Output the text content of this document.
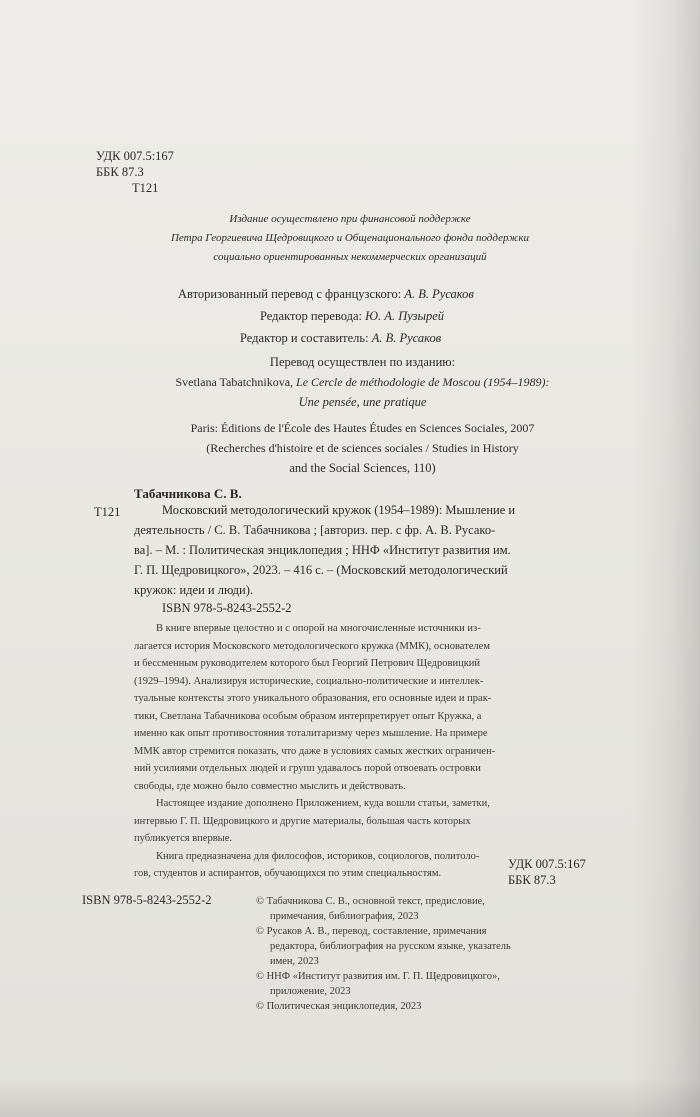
УДК 007.5:167
ББК 87.3
Т121
Издание осуществлено при финансовой поддержке
Петра Георгиевича Щедровицкого и Общенационального фонда поддержки
социально ориентированных некоммерческих организаций
Авторизованный перевод с французского: А. В. Русаков
Редактор перевода: Ю. А. Пузырей
Редактор и составитель: А. В. Русаков
Перевод осуществлен по изданию:
Svetlana Tabatchnikova, Le Cercle de méthodologie de Moscou (1954–1989):
Une pensée, une pratique
Paris: Éditions de l'École des Hautes Études en Sciences Sociales, 2007
(Recherches d'histoire et de sciences sociales / Studies in History
and the Social Sciences, 110)
Табачникова С. В.
Т121	Московский методологический кружок (1954–1989): Мышление и
деятельность / С. В. Табачникова ; [авториз. пер. с фр. А. В. Русако-
ва]. – М. : Политическая энциклопедия ; ННФ «Институт развития им.
Г. П. Щедровицкого», 2023. – 416 с. – (Московский методологический
кружок: идеи и люди).
ISBN 978-5-8243-2552-2
В книге впервые целостно и с опорой на многочисленные источники из-
лагается история Московского методологического кружка (ММК), основателем
и бессменным руководителем которого был Георгий Петрович Щедровицкий
(1929–1994). Анализируя исторические, социально-политические и интеллек-
туальные контексты этого уникального образования, его основные идеи и прак-
тики, Светлана Табачникова особым образом интерпретирует опыт Кружка, а
именно как опыт противостояния тоталитаризму через мышление. На примере
ММК автор стремится показать, что даже в условиях самых жестких ограничен-
ний усилиями отдельных людей и групп удавалось порой отвоевать островки
свободы, где можно было совместно мыслить и действовать.
Настоящее издание дополнено Приложением, куда вошли статьи, заметки,
интервью Г. П. Щедровицкого и другие материалы, большая часть которых
публикуется впервые.
Книга предназначена для философов, историков, социологов, политоло-
гов, студентов и аспирантов, обучающихся по этим специальностям.
УДК 007.5:167
ББК 87.3
ISBN 978-5-8243-2552-2	© Табачникова С. В., основной текст, предисловие,
примечания, библиография, 2023
© Русаков А. В., перевод, составление, примечания
редактора, библиография на русском языке, указатель
имен, 2023
© ННФ «Институт развития им. Г. П. Щедровицкого»,
приложение, 2023
© Политическая энциклопедия, 2023
